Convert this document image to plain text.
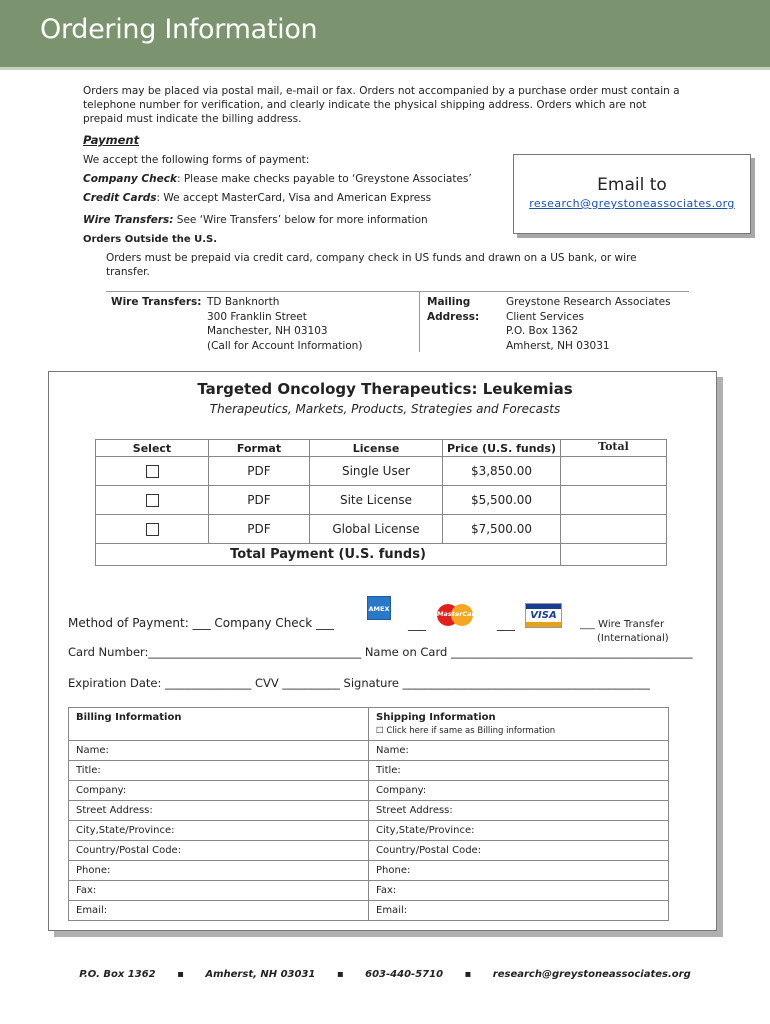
Ordering Information
Orders may be placed via postal mail, e-mail or fax. Orders not accompanied by a purchase order must contain a telephone number for verification, and clearly indicate the physical shipping address. Orders which are not prepaid must indicate the billing address.
Payment
We accept the following forms of payment:
Company Check: Please make checks payable to ‘Greystone Associates’
Credit Cards: We accept MasterCard, Visa and American Express
Wire Transfers: See ‘Wire Transfers’ below for more information
Orders Outside the U.S.
Orders must be prepaid via credit card, company check in US funds and drawn on a US bank, or wire transfer.
Email to
research@greystoneassociates.org
Wire Transfers: TD Banknorth
300 Franklin Street
Manchester, NH 03103
(Call for Account Information)
Mailing
Address:
Greystone Research Associates
Client Services
P.O. Box 1362
Amherst, NH 03031
Targeted Oncology Therapeutics: Leukemias
Therapeutics, Markets, Products, Strategies and Forecasts
Select	Format	License	Price (U.S. funds)	Total
	PDF	Single User	$3,850.00	
	PDF	Site License	$5,500.00	
	PDF	Global License	$7,500.00	
Total Payment (U.S. funds)				
Method of Payment: ___ Company Check ___
AMEX
___
MasterCard
___
VISA
___ Wire Transfer
(International)
Card Number:_____________________________________ Name on Card __________________________________________
Expiration Date: _______________ CVV __________ Signature ___________________________________________
Billing Information	Shipping Information
☐ Click here if same as Billing information

Name:	Name:
Title:	Title:
Company:	Company:
Street Address:	Street Address:
City,State/Province:	City,State/Province:
Country/Postal Code:	Country/Postal Code:
Phone:	Phone:
Fax:	Fax:
Email:	Email:
P.O. Box 1362 ▪ Amherst, NH 03031 ▪ 603-440-5710 ▪ research@greystoneassociates.org
